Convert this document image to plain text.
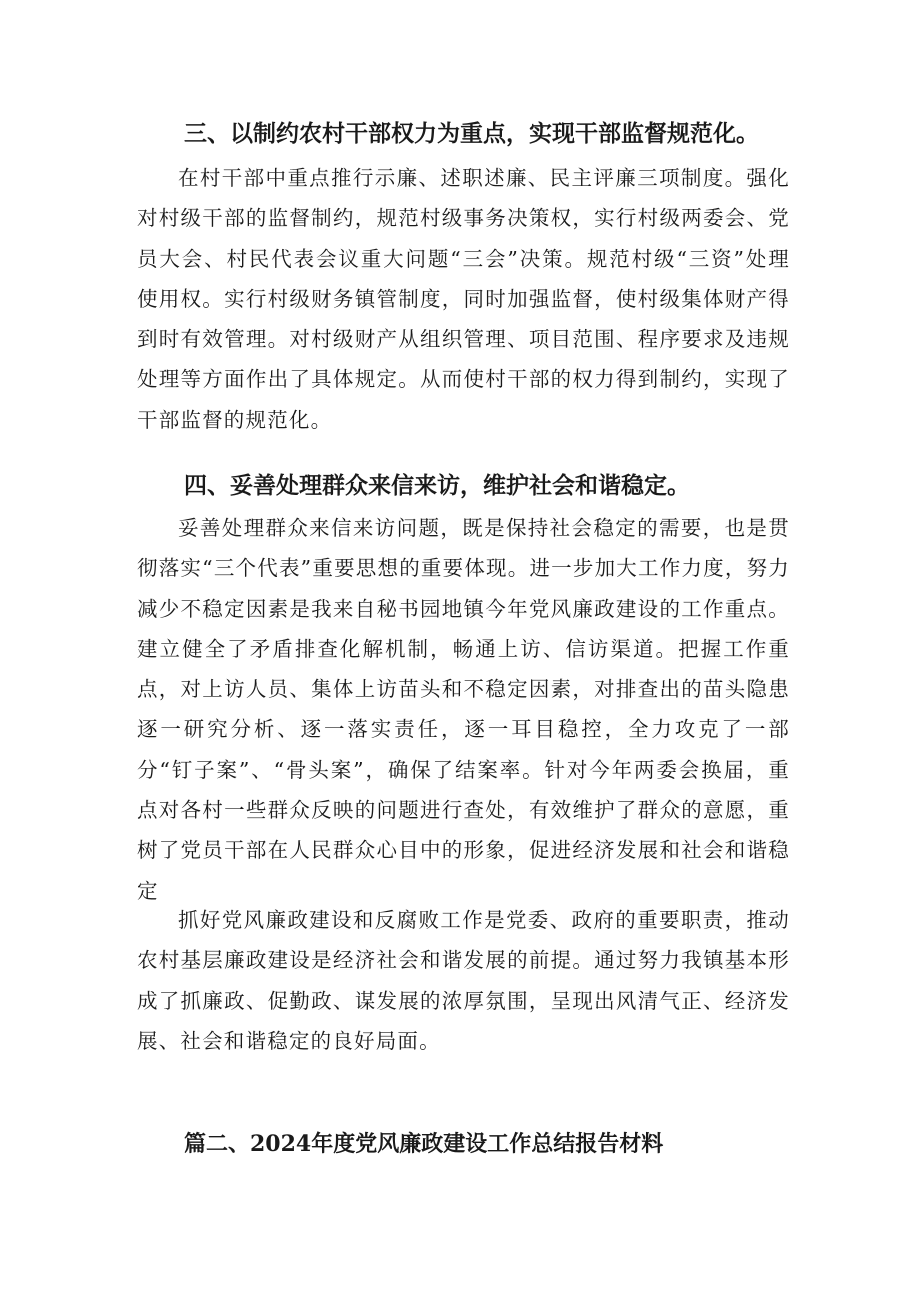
三、以制约农村干部权力为重点，实现干部监督规范化。

在村干部中重点推行示廉、述职述廉、民主评廉三项制度。强化对村级干部的监督制约，规范村级事务决策权，实行村级两委会、党员大会、村民代表会议重大问题“三会”决策。规范村级“三资”处理使用权。实行村级财务镇管制度，同时加强监督，使村级集体财产得到时有效管理。对村级财产从组织管理、项目范围、程序要求及违规处理等方面作出了具体规定。从而使村干部的权力得到制约，实现了干部监督的规范化。

四、妥善处理群众来信来访，维护社会和谐稳定。

妥善处理群众来信来访问题，既是保持社会稳定的需要，也是贯彻落实“三个代表”重要思想的重要体现。进一步加大工作力度，努力减少不稳定因素是我来自秘书园地镇今年党风廉政建设的工作重点。建立健全了矛盾排查化解机制，畅通上访、信访渠道。把握工作重点，对上访人员、集体上访苗头和不稳定因素，对排查出的苗头隐患逐一研究分析、逐一落实责任，逐一耳目稳控，全力攻克了一部分“钉子案”、“骨头案”，确保了结案率。针对今年两委会换届，重点对各村一些群众反映的问题进行查处，有效维护了群众的意愿，重树了党员干部在人民群众心目中的形象，促进经济发展和社会和谐稳定

抓好党风廉政建设和反腐败工作是党委、政府的重要职责，推动农村基层廉政建设是经济社会和谐发展的前提。通过努力我镇基本形成了抓廉政、促勤政、谋发展的浓厚氛围，呈现出风清气正、经济发展、社会和谐稳定的良好局面。

篇二、2024年度党风廉政建设工作总结报告材料
